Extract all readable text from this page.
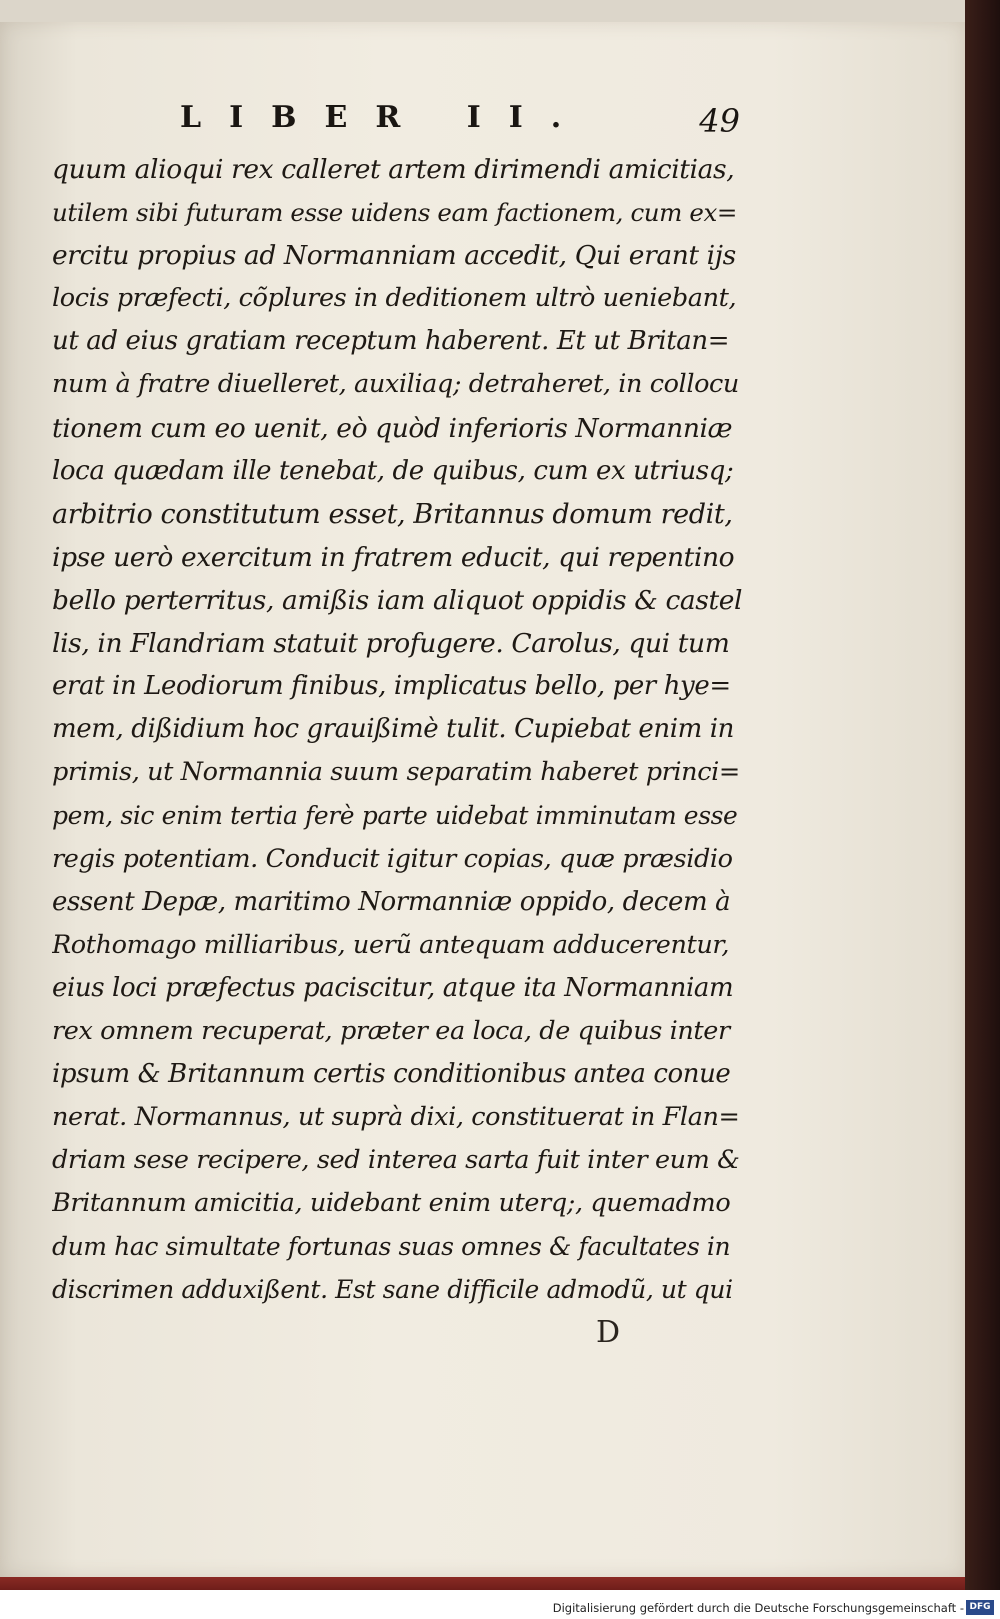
LIBER II.	49
quum alioqui rex calleret artem dirimendi amicitias,
utilem sibi futuram esse uidens eam factionem, cum ex=
ercitu propius ad Normanniam accedit, Qui erant ijs
locis præfecti, cõplures in deditionem ultrò ueniebant,
ut ad eius gratiam receptum haberent. Et ut Britan=
num à fratre diuelleret, auxiliaq; detraheret, in collocu
tionem cum eo uenit, eò quòd inferioris Normanniæ
loca quædam ille tenebat, de quibus, cum ex utriusq;
arbitrio constitutum esset, Britannus domum redit,
ipse uerò exercitum in fratrem educit, qui repentino
bello perterritus, amißis iam aliquot oppidis & castel
lis, in Flandriam statuit profugere. Carolus, qui tum
erat in Leodiorum finibus, implicatus bello, per hye=
mem, dißidium hoc grauißimè tulit. Cupiebat enim in
primis, ut Normannia suum separatim haberet princi=
pem, sic enim tertia ferè parte uidebat imminutam esse
regis potentiam. Conducit igitur copias, quæ præsidio
essent Depæ, maritimo Normanniæ oppido, decem à
Rothomago milliaribus, uerũ antequam adducerentur,
eius loci præfectus paciscitur, atque ita Normanniam
rex omnem recuperat, præter ea loca, de quibus inter
ipsum & Britannum certis conditionibus antea conue
nerat. Normannus, ut suprà dixi, constituerat in Flan=
driam sese recipere, sed interea sarta fuit inter eum &
Britannum amicitia, uidebant enim uterq;, quemadmo
dum hac simultate fortunas suas omnes & facultates in
discrimen adduxißent. Est sane difficile admodũ, ut qui
D
Digitalisierung gefördert durch die Deutsche Forschungsgemeinschaft - DFG
